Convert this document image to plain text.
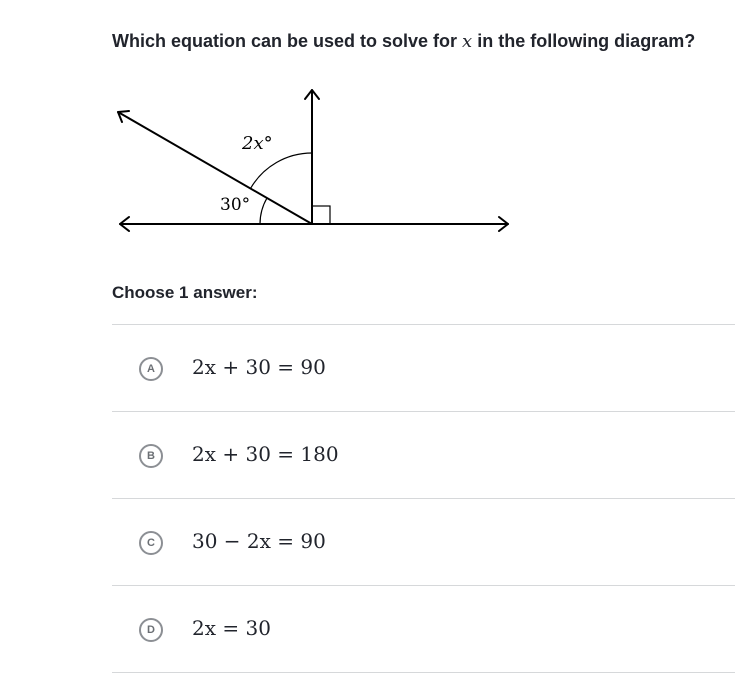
Which equation can be used to solve for x in the following diagram?
2x°
30°
Choose 1 answer:
A	2x + 30 = 90
B	2x + 30 = 180
C	30 − 2x = 90
D	2x = 30
